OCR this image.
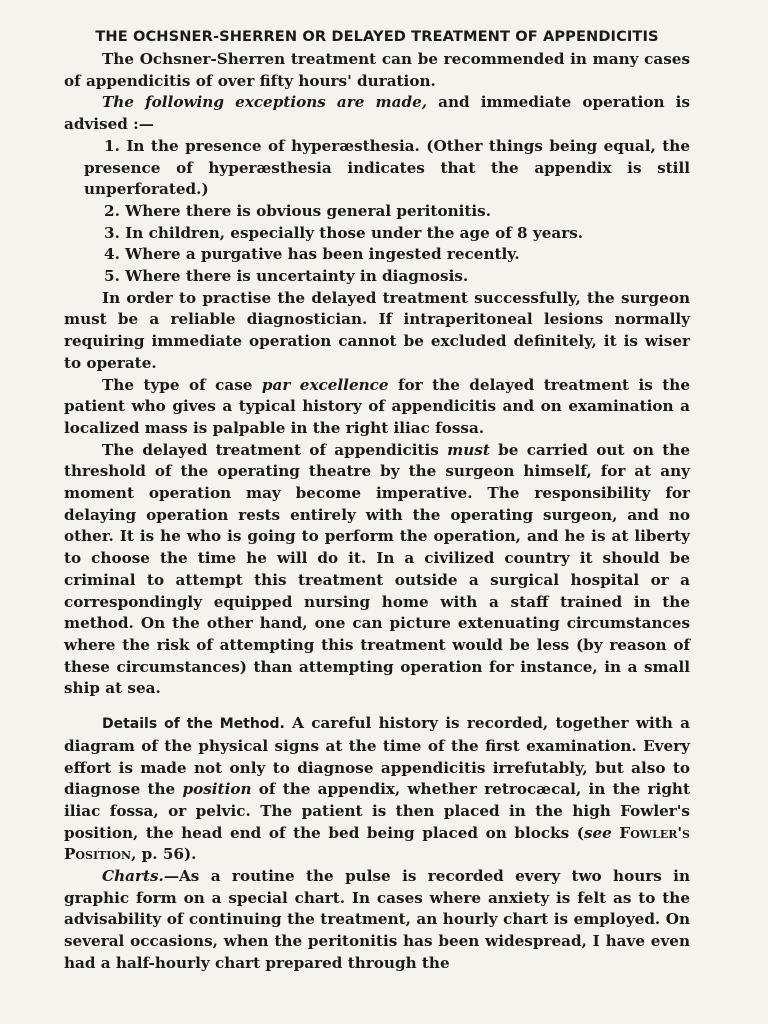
THE OCHSNER-SHERREN OR DELAYED TREATMENT OF APPENDICITIS

The Ochsner-Sherren treatment can be recommended in many cases of appendicitis of over fifty hours' duration.

The following exceptions are made, and immediate operation is advised :—

1. In the presence of hyperæsthesia. (Other things being equal, the presence of hyperæsthesia indicates that the appendix is still unperforated.)

2. Where there is obvious general peritonitis.

3. In children, especially those under the age of 8 years.

4. Where a purgative has been ingested recently.

5. Where there is uncertainty in diagnosis.

In order to practise the delayed treatment successfully, the surgeon must be a reliable diagnostician. If intraperitoneal lesions normally requiring immediate operation cannot be excluded definitely, it is wiser to operate.

The type of case par excellence for the delayed treatment is the patient who gives a typical history of appendicitis and on examination a localized mass is palpable in the right iliac fossa.

The delayed treatment of appendicitis must be carried out on the threshold of the operating theatre by the surgeon himself, for at any moment operation may become imperative. The responsibility for delaying operation rests entirely with the operating surgeon, and no other. It is he who is going to perform the operation, and he is at liberty to choose the time he will do it. In a civilized country it should be criminal to attempt this treatment outside a surgical hospital or a correspondingly equipped nursing home with a staff trained in the method. On the other hand, one can picture extenuating circumstances where the risk of attempting this treatment would be less (by reason of these circumstances) than attempting operation for instance, in a small ship at sea.

Details of the Method. A careful history is recorded, together with a diagram of the physical signs at the time of the first examination. Every effort is made not only to diagnose appendicitis irrefutably, but also to diagnose the position of the appendix, whether retrocæcal, in the right iliac fossa, or pelvic. The patient is then placed in the high Fowler's position, the head end of the bed being placed on blocks (see Fowler's Position, p. 56).

Charts.—As a routine the pulse is recorded every two hours in graphic form on a special chart. In cases where anxiety is felt as to the advisability of continuing the treatment, an hourly chart is employed. On several occasions, when the peritonitis has been widespread, I have even had a half-hourly chart prepared through the
